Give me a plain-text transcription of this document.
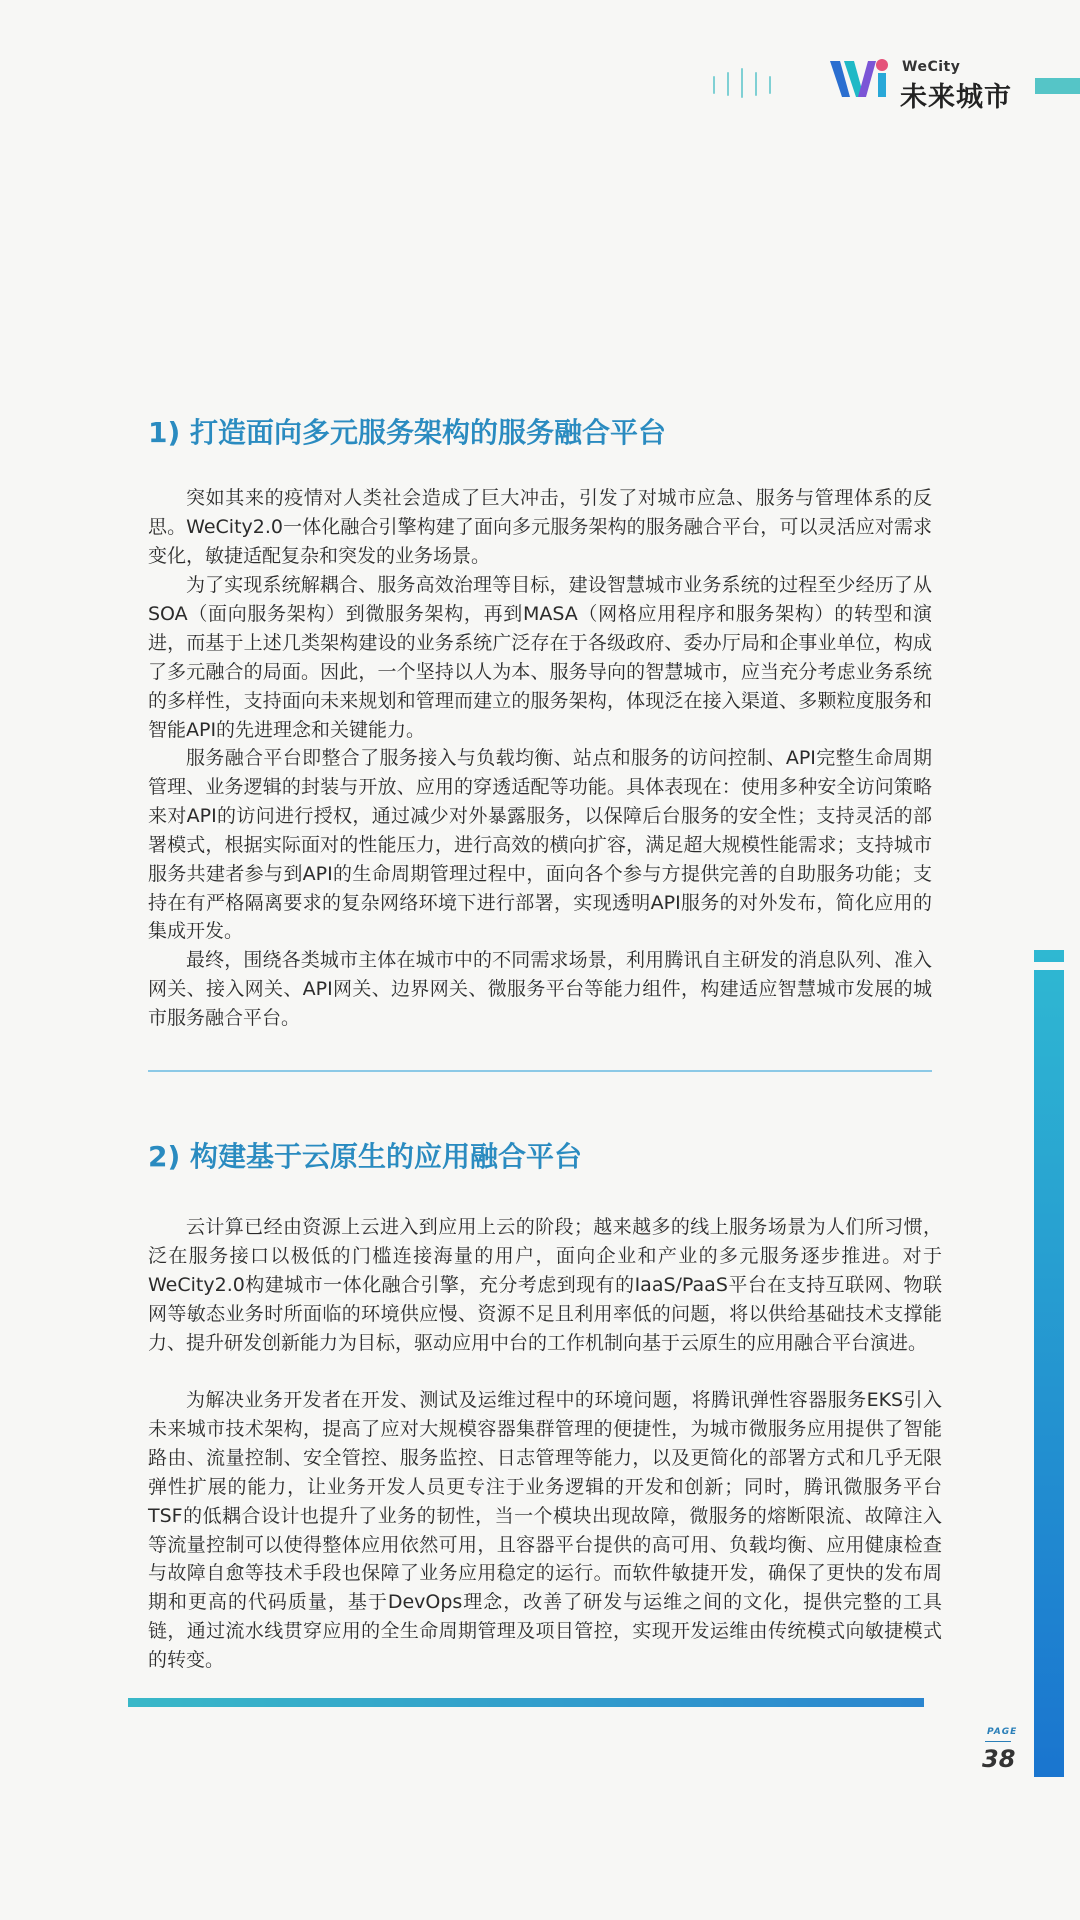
WeCity
未来城市
1) 打造面向多元服务架构的服务融合平台

突如其来的疫情对人类社会造成了巨大冲击，引发了对城市应急、服务与管理体系的反思。WeCity2.0一体化融合引擎构建了面向多元服务架构的服务融合平台，可以灵活应对需求变化，敏捷适配复杂和突发的业务场景。

为了实现系统解耦合、服务高效治理等目标，建设智慧城市业务系统的过程至少经历了从SOA（面向服务架构）到微服务架构，再到MASA（网格应用程序和服务架构）的转型和演进，而基于上述几类架构建设的业务系统广泛存在于各级政府、委办厅局和企事业单位，构成了多元融合的局面。因此，一个坚持以人为本、服务导向的智慧城市，应当充分考虑业务系统的多样性，支持面向未来规划和管理而建立的服务架构，体现泛在接入渠道、多颗粒度服务和智能API的先进理念和关键能力。

服务融合平台即整合了服务接入与负载均衡、站点和服务的访问控制、API完整生命周期管理、业务逻辑的封装与开放、应用的穿透适配等功能。具体表现在：使用多种安全访问策略来对API的访问进行授权，通过减少对外暴露服务，以保障后台服务的安全性；支持灵活的部署模式，根据实际面对的性能压力，进行高效的横向扩容，满足超大规模性能需求；支持城市服务共建者参与到API的生命周期管理过程中，面向各个参与方提供完善的自助服务功能；支持在有严格隔离要求的复杂网络环境下进行部署，实现透明API服务的对外发布，简化应用的集成开发。

最终，围绕各类城市主体在城市中的不同需求场景，利用腾讯自主研发的消息队列、准入网关、接入网关、API网关、边界网关、微服务平台等能力组件，构建适应智慧城市发展的城市服务融合平台。

2) 构建基于云原生的应用融合平台

云计算已经由资源上云进入到应用上云的阶段；越来越多的线上服务场景为人们所习惯，泛在服务接口以极低的门槛连接海量的用户，面向企业和产业的多元服务逐步推进。对于WeCity2.0构建城市一体化融合引擎，充分考虑到现有的IaaS/PaaS平台在支持互联网、物联网等敏态业务时所面临的环境供应慢、资源不足且利用率低的问题，将以供给基础技术支撑能力、提升研发创新能力为目标，驱动应用中台的工作机制向基于云原生的应用融合平台演进。

为解决业务开发者在开发、测试及运维过程中的环境问题，将腾讯弹性容器服务EKS引入未来城市技术架构，提高了应对大规模容器集群管理的便捷性，为城市微服务应用提供了智能路由、流量控制、安全管控、服务监控、日志管理等能力，以及更简化的部署方式和几乎无限弹性扩展的能力，让业务开发人员更专注于业务逻辑的开发和创新；同时，腾讯微服务平台TSF的低耦合设计也提升了业务的韧性，当一个模块出现故障，微服务的熔断限流、故障注入等流量控制可以使得整体应用依然可用，且容器平台提供的高可用、负载均衡、应用健康检查与故障自愈等技术手段也保障了业务应用稳定的运行。而软件敏捷开发，确保了更快的发布周期和更高的代码质量，基于DevOps理念，改善了研发与运维之间的文化，提供完整的工具链，通过流水线贯穿应用的全生命周期管理及项目管控，实现开发运维由传统模式向敏捷模式的转变。

PAGE
38
